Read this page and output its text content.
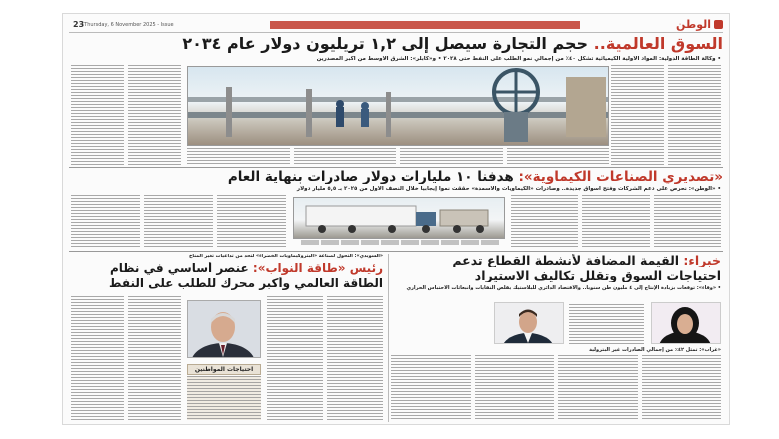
الوطن
Thursday, 6 November 2025 - Issue
23
السوق العالمية.. حجم التجارة سيصل إلى ١,٢ تريليون دولار عام ٢٠٣٤
• وكالة الطاقة الدولية: المواد الأولية الكيميائية تشكل ٤٠٪ من إجمالي نمو الطلب على النفط حتى ٢٠٢٨ • و«كابلر»: الشرق الأوسط من أكبر المصدرين
«تصديري الصناعات الكيماوية»: هدفنا ١٠ مليارات دولار صادرات بنهاية العام
• «الوطن»: نحرص على دعم الشركات وفتح أسواق جديدة.. وصادرات «الكيماويات والأسمدة» حققت نمواً إيجابياً خلال النصف الأول من ٢٠٢٥ بـ ٥,٥ مليار دولار
خبراء: القيمة المضافة لأنشطة القطاع تدعم
احتياجات السوق وتقلل تكاليف الاستيراد
• «وقاء»: توقعات بزيادة الإنتاج إلى ٤ مليون طن سنوياً.. والاقتصاد الدائري للبلاستيك يقلص النفايات وانبعاثات الاحتباس الحراري
«غراب»: تمثل ٤٢٪ من إجمالي الصادرات غير البترولية
«السويدي»: التحول لصناعة «البتروكيماويات الخضراء» لتحد من تداعيات تغير المناخ
رئيس «طاقة النواب»: عنصر أساسي في نظام
الطاقة العالمي وأكبر محرك للطلب على النفط
احتياجات المواطنين
